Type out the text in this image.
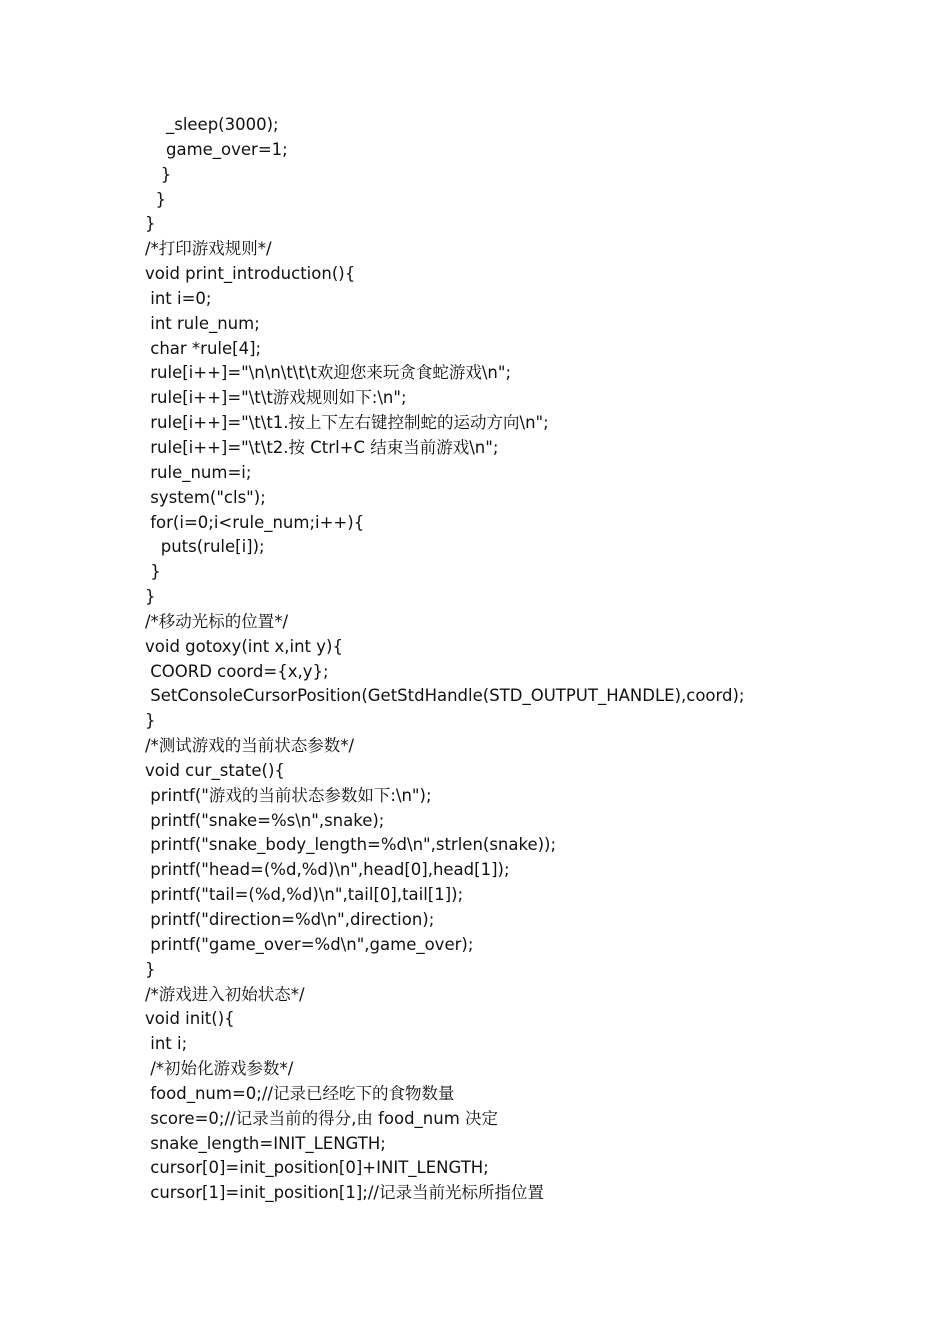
_sleep(3000);
game_over=1;
}
}
}
/*打印游戏规则*/
void print_introduction(){
int i=0;
int rule_num;
char *rule[4];
rule[i++]="\n\n\t\t\t欢迎您来玩贪食蛇游戏\n";
rule[i++]="\t\t游戏规则如下:\n";
rule[i++]="\t\t1.按上下左右键控制蛇的运动方向\n";
rule[i++]="\t\t2.按 Ctrl+C 结束当前游戏\n";
rule_num=i;
system("cls");
for(i=0;i<rule_num;i++){
puts(rule[i]);
}
}
/*移动光标的位置*/
void gotoxy(int x,int y){
COORD coord={x,y};
SetConsoleCursorPosition(GetStdHandle(STD_OUTPUT_HANDLE),coord);
}
/*测试游戏的当前状态参数*/
void cur_state(){
printf("游戏的当前状态参数如下:\n");
printf("snake=%s\n",snake);
printf("snake_body_length=%d\n",strlen(snake));
printf("head=(%d,%d)\n",head[0],head[1]);
printf("tail=(%d,%d)\n",tail[0],tail[1]);
printf("direction=%d\n",direction);
printf("game_over=%d\n",game_over);
}
/*游戏进入初始状态*/
void init(){
int i;
/*初始化游戏参数*/
food_num=0;//记录已经吃下的食物数量
score=0;//记录当前的得分,由 food_num 决定
snake_length=INIT_LENGTH;
cursor[0]=init_position[0]+INIT_LENGTH;
cursor[1]=init_position[1];//记录当前光标所指位置
